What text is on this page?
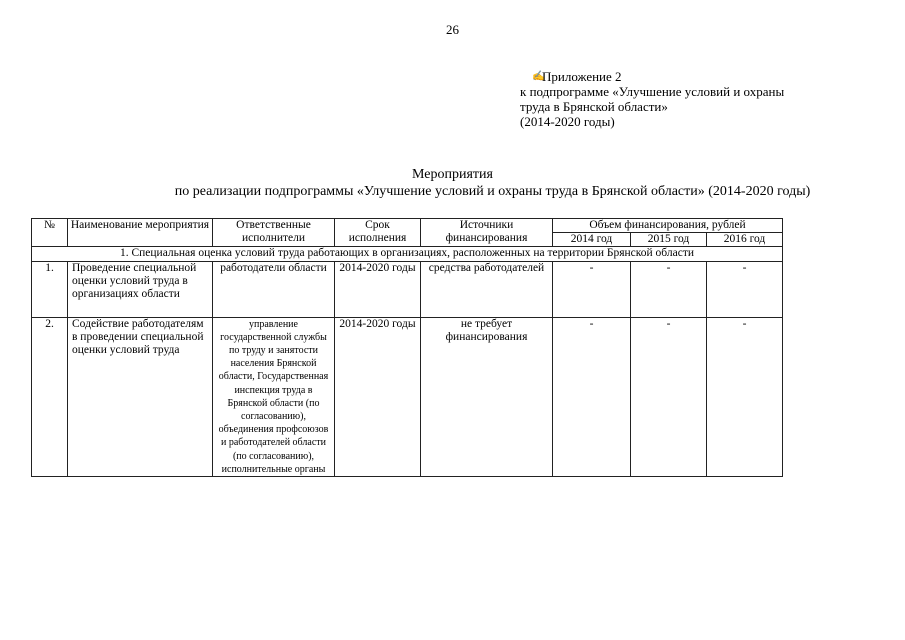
26
✍
Приложение 2
к подпрограмме «Улучшение условий и охраны
труда в Брянской области»
(2014-2020 годы)
Мероприятия
по реализации подпрограммы «Улучшение условий и охраны труда в Брянской области» (2014-2020 годы)
№	Наименование мероприятия	Ответственные исполнители	Срок исполнения	Источники финансирования	Объем финансирования, рублей		
					2014 год	2015 год	2016 год
1. Специальная оценка условий труда работающих в организациях, расположенных на территории Брянской области							
1.	Проведение специальной оценки условий труда в организациях области	работодатели области	2014-2020 годы	средства работодателей	-	-	-
2.	Содействие работодателям в проведении специальной оценки условий труда	управление государственной службы по труду и занятости населения Брянской области, Государственная инспекция труда в Брянской области (по согласованию), объединения профсоюзов и работодателей области (по согласованию), исполнительные органы	2014-2020 годы	не требует финансирования	-	-	-
